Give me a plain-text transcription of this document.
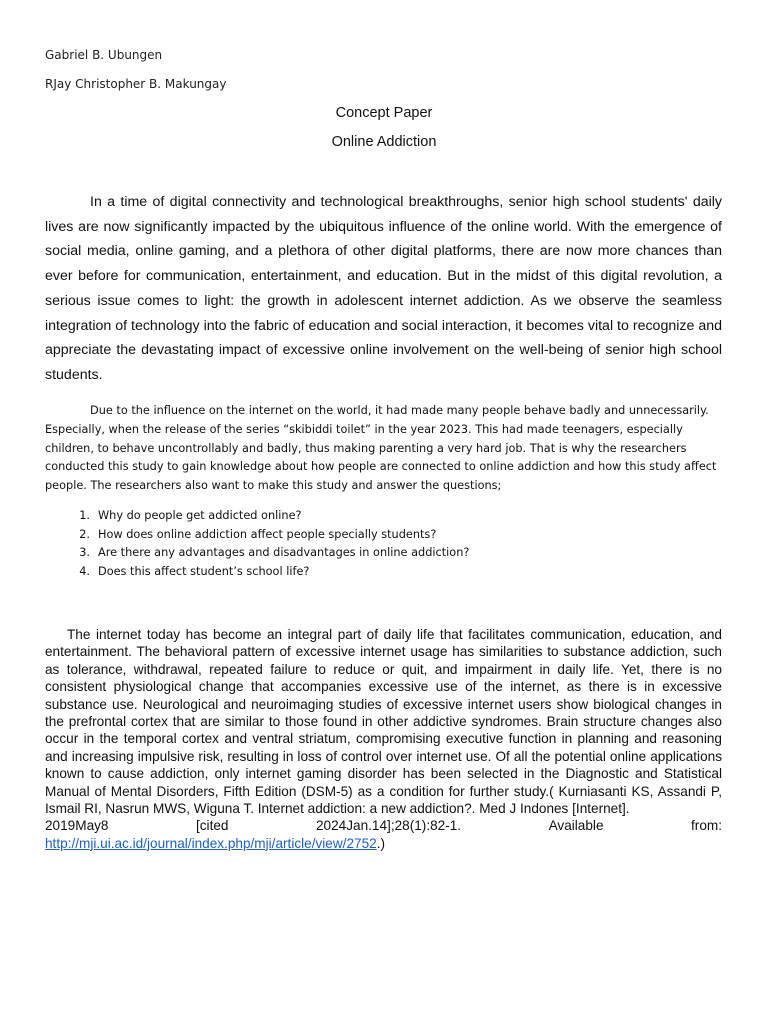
Gabriel B. Ubungen
RJay Christopher B. Makungay
Concept Paper
Online Addiction

In a time of digital connectivity and technological breakthroughs, senior high school students' daily lives are now significantly impacted by the ubiquitous influence of the online world. With the emergence of social media, online gaming, and a plethora of other digital platforms, there are now more chances than ever before for communication, entertainment, and education. But in the midst of this digital revolution, a serious issue comes to light: the growth in adolescent internet addiction. As we observe the seamless integration of technology into the fabric of education and social interaction, it becomes vital to recognize and appreciate the devastating impact of excessive online involvement on the well-being of senior high school students.

Due to the influence on the internet on the world, it had made many people behave badly and unnecessarily. Especially, when the release of the series “skibiddi toilet” in the year 2023. This had made teenagers, especially children, to behave uncontrollably and badly, thus making parenting a very hard job. That is why the researchers conducted this study to gain knowledge about how people are connected to online addiction and how this study affect people. The researchers also want to make this study and answer the questions;

1. Why do people get addicted online?
2. How does online addiction affect people specially students?
3. Are there any advantages and disadvantages in online addiction?
4. Does this affect student’s school life?
The internet today has become an integral part of daily life that facilitates communication, education, and entertainment. The behavioral pattern of excessive internet usage has similarities to substance addiction, such as tolerance, withdrawal, repeated failure to reduce or quit, and impairment in daily life. Yet, there is no consistent physiological change that accompanies excessive use of the internet, as there is in excessive substance use. Neurological and neuroimaging studies of excessive internet users show biological changes in the prefrontal cortex that are similar to those found in other addictive syndromes. Brain structure changes also occur in the temporal cortex and ventral striatum, compromising executive function in planning and reasoning and increasing impulsive risk, resulting in loss of control over internet use. Of all the potential online applications known to cause addiction, only internet gaming disorder has been selected in the Diagnostic and Statistical Manual of Mental Disorders, Fifth Edition (DSM-5) as a condition for further study.( Kurniasanti KS, Assandi P, Ismail RI, Nasrun MWS, Wiguna T. Internet addiction: a new addiction?. Med J Indones [Internet].
2019May8	[cited	2024Jan.14];28(1):82-1.	Available	from:
http://mji.ui.ac.id/journal/index.php/mji/article/view/2752.)
